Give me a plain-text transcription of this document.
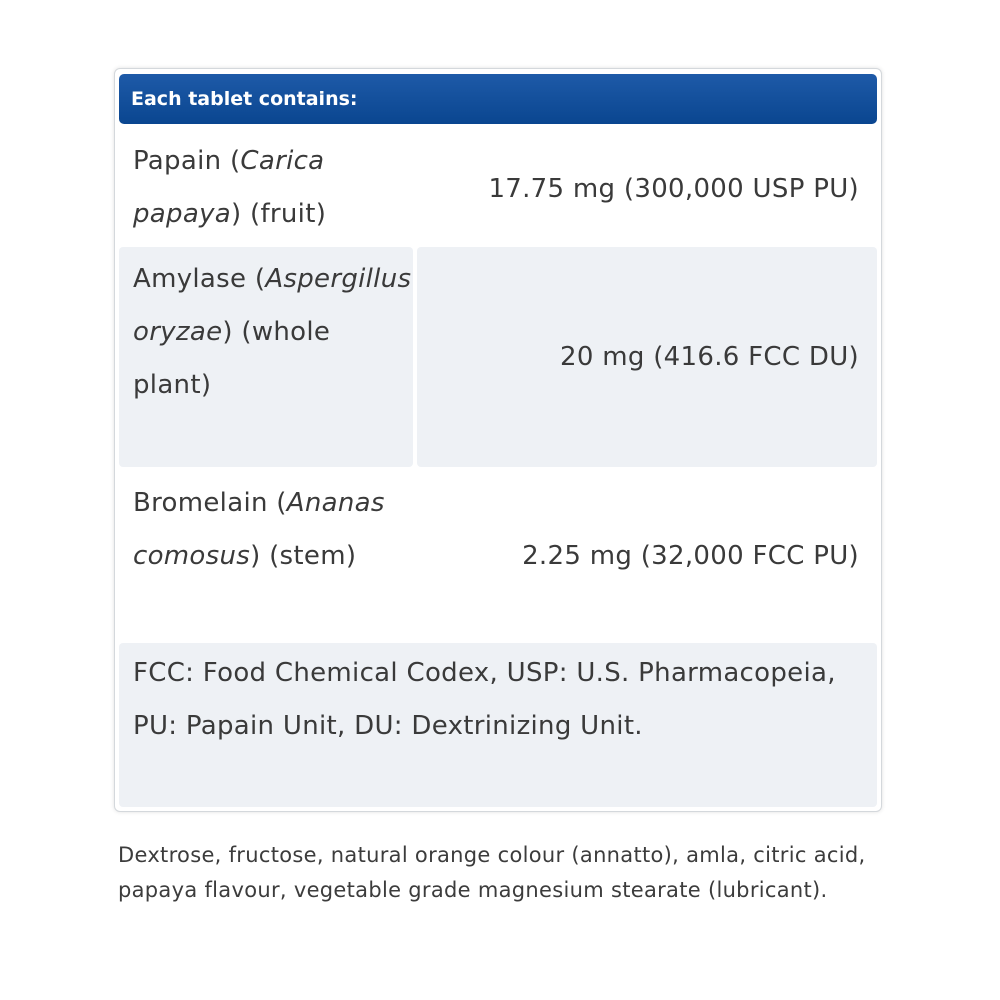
Each tablet contains:
Papain (Carica papaya) (fruit)
17.75 mg (300,000 USP PU)
Amylase (Aspergillus oryzae) (whole plant)
20 mg (416.6 FCC DU)
Bromelain (Ananas comosus) (stem)	2.25 mg (32,000 FCC PU)
FCC: Food Chemical Codex, USP: U.S. Pharmacopeia, PU: Papain Unit, DU: Dextrinizing Unit.
Dextrose, fructose, natural orange colour (annatto), amla, citric acid, papaya flavour, vegetable grade magnesium stearate (lubricant).
